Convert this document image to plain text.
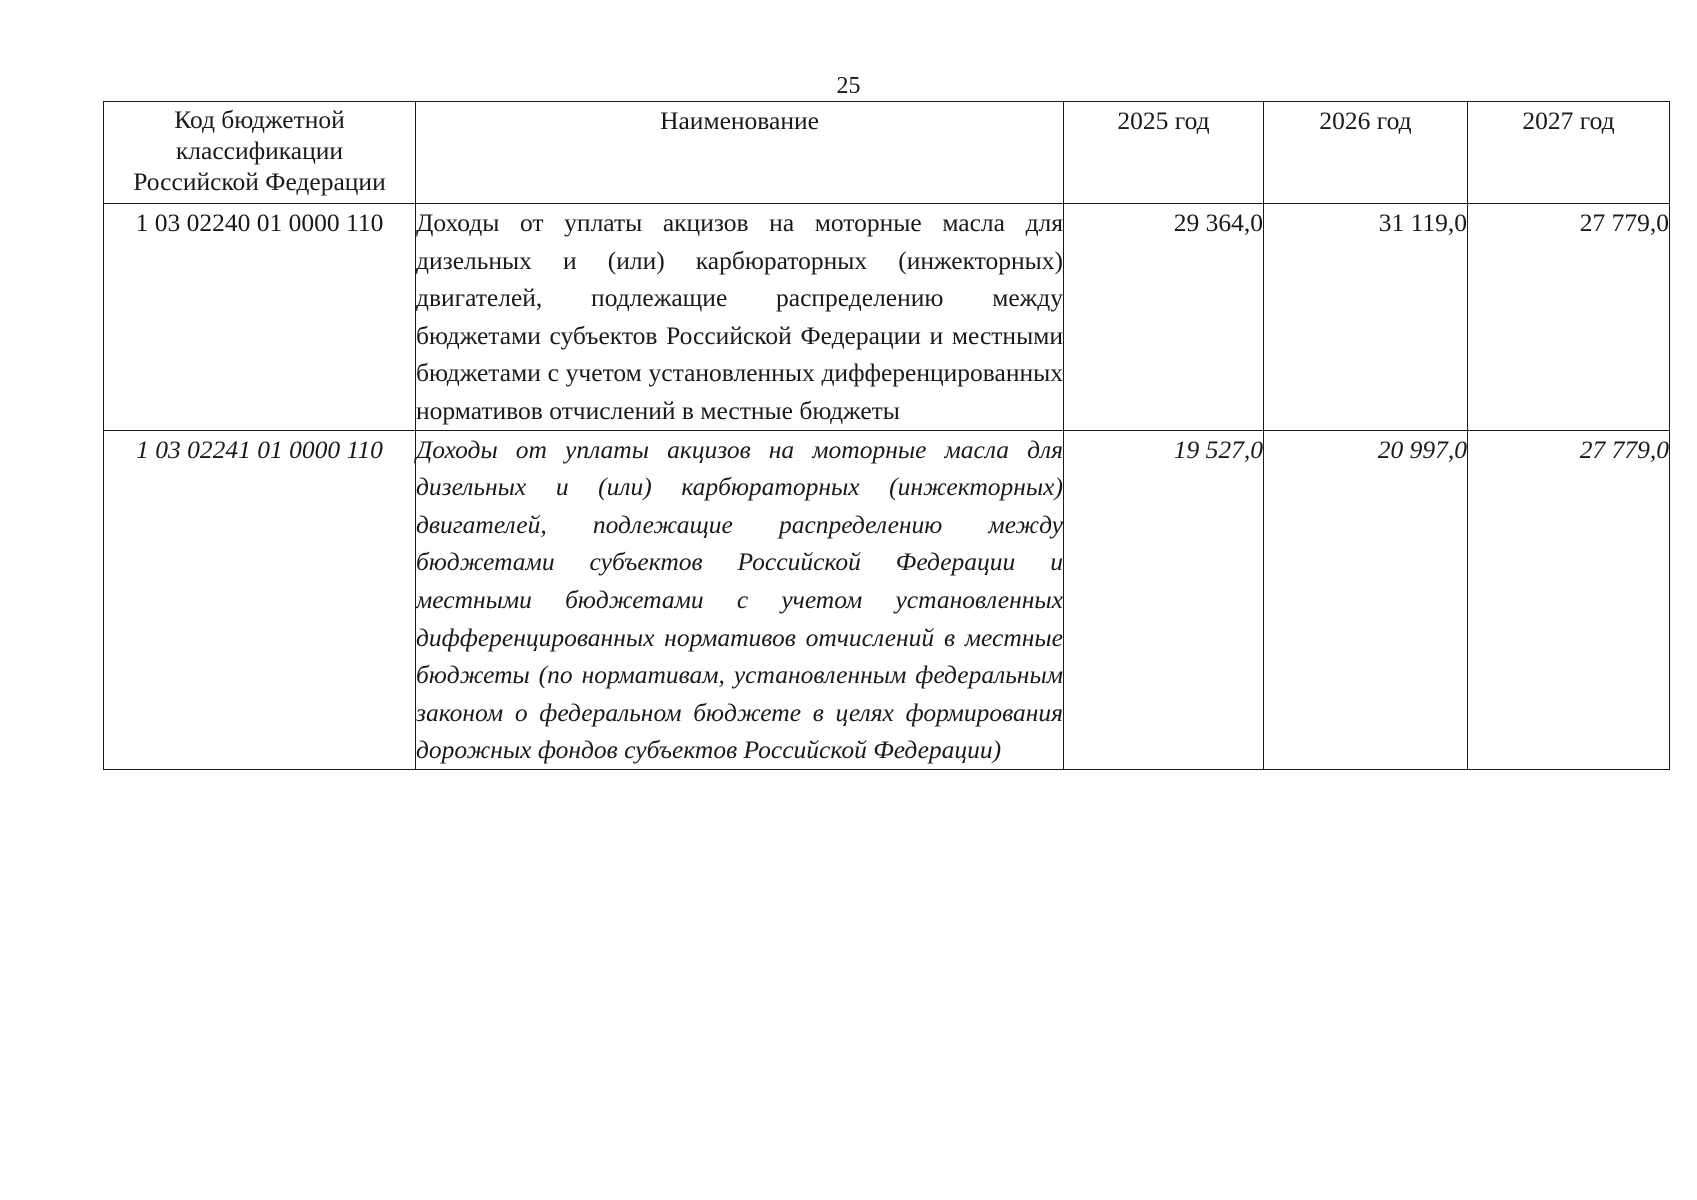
25
Код бюджетной классификации Российской Федерации	Наименование	2025 год	2026 год	2027 год
1 03 02240 01 0000 110	Доходы от уплаты акцизов на моторные масла для дизельных и (или) карбюраторных (инжекторных) двигателей, подлежащие распределению между бюджетами субъектов Российской Федерации и местными бюджетами с учетом установленных дифференцированных нормативов отчислений в местные бюджеты	29 364,0	31 119,0	27 779,0
1 03 02241 01 0000 110	Доходы от уплаты акцизов на моторные масла для дизельных и (или) карбюраторных (инжекторных) двигателей, подлежащие распределению между бюджетами субъектов Российской Федерации и местными бюджетами с учетом установленных дифференцированных нормативов отчислений в местные бюджеты (по нормативам, установленным федеральным законом о федеральном бюджете в целях формирования дорожных фондов субъектов Российской Федерации)	19 527,0	20 997,0	27 779,0
